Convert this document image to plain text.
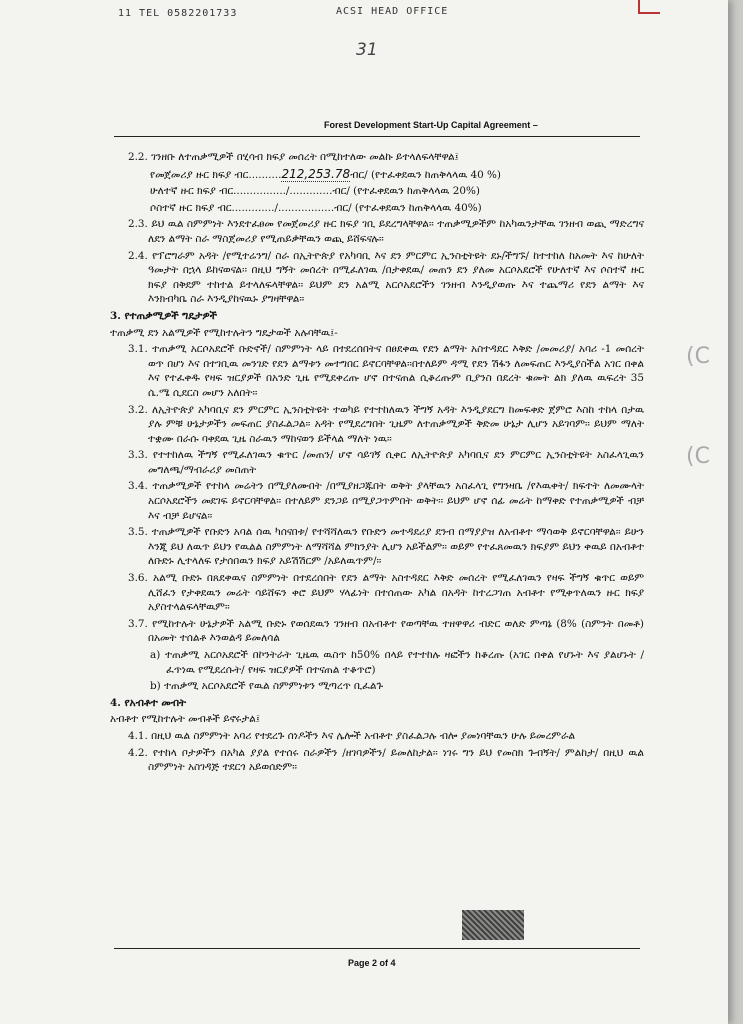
11 TEL 0582201733	ACSI HEAD OFFICE
31
Forest Development Start-Up Capital Agreement –

2.2. ገንዘቡ ለተጠቃሚዎች በሂሳብ ክፍያ መሰረት በሚከተለው መልኩ ይተላለፍላቸዋል፤

የመጀመሪያ ዙር ክፍያ ብር..........212,253.78ብር/ (የተፈቀደዉን ከጠቅላላዉ 40 %)

ሁለተኛ ዙር ክፍያ ብር................/.............ብር/ (የተፈቀደዉን ከጠቅላላዉ 20%)

ሶስተኛ ዙር ክፍያ ብር............./.................ብር/ (የተፈቀደዉን ከጠቅላላዉ 40%)

2.3. ይህ ዉል ስምምነት እንደተፈፀመ የመጀመሪያ ዙር ክፍያ ገቢ ይደረግላቸዋል፡፡ ተጠቃሚዎችም ከአካዉንታቸዉ ገንዘብ ወጪ ማድረግና ለደን ልማት ስራ ማስጀመሪያ የሚጠይቃቸዉን ወጪ ይሸፍናሉ፡፡

2.4. የፕሮግራም አዳት /የሚተሬንግ/ ስራ በኢትዮጵያ የአካባቢ እና ደን ምርምር ኢንስቲትዩት ደኑ/ችግኙ/ ከተተከለ ከአመት እና ከሁለት ዓመታት በኋላ ይከናወናል፡፡ በዚህ ግኝት መሰረት በሚፈለገዉ /በታቀደዉ/ መጠን ደን ያለመ አርሶአደሮች የሁለተኛ እና ሶስተኛ ዙር ክፍያ በቅደም ተከተል ይተላለፍላቸዋል፡፡ ይህም ደን አልሚ አርሶአደሮችን ገንዘብ እንዲያወጡ እና ተጨማሪ የደን ልማት እና እንክብካቤ ስራ እንዲያከናዉኑ ያግዛቸዋል፡፡

3. የተጠቃሚዎች ግዴታዎች

ተጠቃሚ ደን አልሚዎች የሚከተሉትን ግዴታወች አሉባቸዉ፤-

3.1. ተጠቃሚ አርሶአደሮች ቡድኖች/ ስምምነት ላይ በተደረሰበትና በፀደቀዉ የደን ልማት አስተዳደር እቅድ /መመሪያ/ አባሪ -1 መሰረት ወጥ በሆነ እና በተገቢዉ መንገድ የደን ልማቱን መተግበር ይኖርባቸዋል፡፡በተለይም ዳሚ የደን ሽፋን ለመፍጠር እንዲያስችል አገር በቀል እና የተፈቀዱ የዛፍ ዝርያዎች በአንድ ጊዜ የሚደቀረጡ ሆኖ በተናጠል ሲቆረጡም ቢያንስ በደረት ቁመት ልክ ያለዉ ዉፍረት 35 ሴ.ሜ ሲደርስ መሆን አለበት፡፡

3.2. ለኢትዮጵያ አካባቢና ደን ምርምር ኢንስቲትዩት ተወካይ የተተከለዉን ችግኝ አዳት እንዲያደርግ ከመፍቀድ ጀምሮ እስከ ተከላ በታዉ ያሉ ምቹ ሁኔታዎችን መፍጠር ያስፈልጋል፡፡ አዳት የሚደረግበት ጊዜም ለተጠቃሚዎች ቅድመ ሁኔታ ሊሆን አይገባም፡፡ ይህም ማለት ተቋሙ በራሱ ባቀደዉ ጊዜ ስራዉን ማከናወን ይችላል ማለት ነዉ፡፡

3.3. የተተከለዉ ችግኝ የሚፈለገዉን ቁጥር /መጠን/ ሆኖ ሳይገኝ ሲቀር ለኢትዮጵያ አካባቢና ደን ምርምር ኢንስቲትዩት አስፈላጊዉን መግለጫ/ማብራሪያ መስጠት

3.4. ተጠቃሚዎች የተከላ መሬትን በሚያለሙበት /በሚያዘጋጁበት ወቅት ያላቸዉን አስፈላጊ የግንዛቤ /የእዉቀት/ ክፍተት ለመሙላት አርሶአደሮችን መደገፍ ይኖርባቸዋል፡፡ በተለይም ደንጋይ በሚያጋጥምበት ወቅት፡፡ ይህም ሆኖ ሰፊ መሬት ከማቀድ የተጠቃሚዎች ብቻ እና ብቻ ይሆናል፡፡

3.5. ተጠቃሚዎች የቡድን አባል ሰዉ ካሰናበቱ/ የተሻሻለዉን የቡድን መተዳደሪያ ደንብ በማያያዝ ለአብቶተ ማሳወቅ ይኖርባቸዋል፡፡ ይሁን እንጂ ይህ ለዉጥ ይህን የዉልል ስምምነት ለማሻሻል ምክንያት ሊሆን አይችልም፡፡ ወይም የተፈጸመዉን ክፍያም ይህን ቀዉይ በአብቶተ ለቡድኑ ሊተላለፍ የታሰበዉን ክፍያ አይሽሽርም /አይለዉጥም/፡፡

3.6. አልሚ ቡድኑ በጸደቀዉና ስምምነት በተደረሰበት የደን ልማት አስተዳደር እቅድ መሰረት የሚፈለገዉን የዛፍ ችግኝ ቁጥር ወይም ሊሸፈን የታቀደዉን መሬት ሳይሸፍን ቀሮ ይህም ሃላፊነት በተሰጠው አካል በአዳት ከተረጋገጠ አብቶተ የሚቀጥለዉን ዙር ክፍያ አያስተላልፍላቸዉም፡፡

3.7. የሚከተሉት ሁኔታዎች አልሚ ቡድኑ የወሰደዉን ገንዘብ በአብቶተ የወጣቸዉ ተዘዋዋሪ ብድር ወለድ ምጣኔ (8% (ስምንት በመቶ) በአመት ተሰልቶ እንወልዳ ይመለሳል

a) ተጠቃሚ አርሶአደሮች በኮንትራት ጊዜዉ ዉስጥ ከ50% በላይ የተተከሉ ዛፎችን ከቆረጡ (አገር በቀል የሆኑት እና ያልሆኑት /ፈጥነዉ የሚደረሱት/ የዛፍ ዝርያዎች በተናጠል ተቆጥሮ)

b) ተጠቃሚ አርሶአደሮች የዉል ስምምነቱን ሚጣረጥ ቢፈልጉ

4. የአብቶተ መብት

አብቶተ የሚከተሉት መብቶች ይኖሩታል፤

4.1. በዚህ ዉል ስምምነት አባሪ የተደረጉ ሰነዶችን እና ሌሎች አብቶተ ያስፈልጋሉ ብሎ ያመነባቸዉን ሁሉ ይመረምራል

4.2. የተከላ ቦታዎችን በአካል ያያል የተሰሩ ስራዎችን /ዘገባዎችን/ ይመለከታል፡፡ ነገሩ ግን ይህ የመስክ ጉብኝት/ ምልከታ/ በዚህ ዉል ስምምነት አስገዳጅ ተደርጎ አይወሰድም፡፡

(C
(C
Page 2 of 4
